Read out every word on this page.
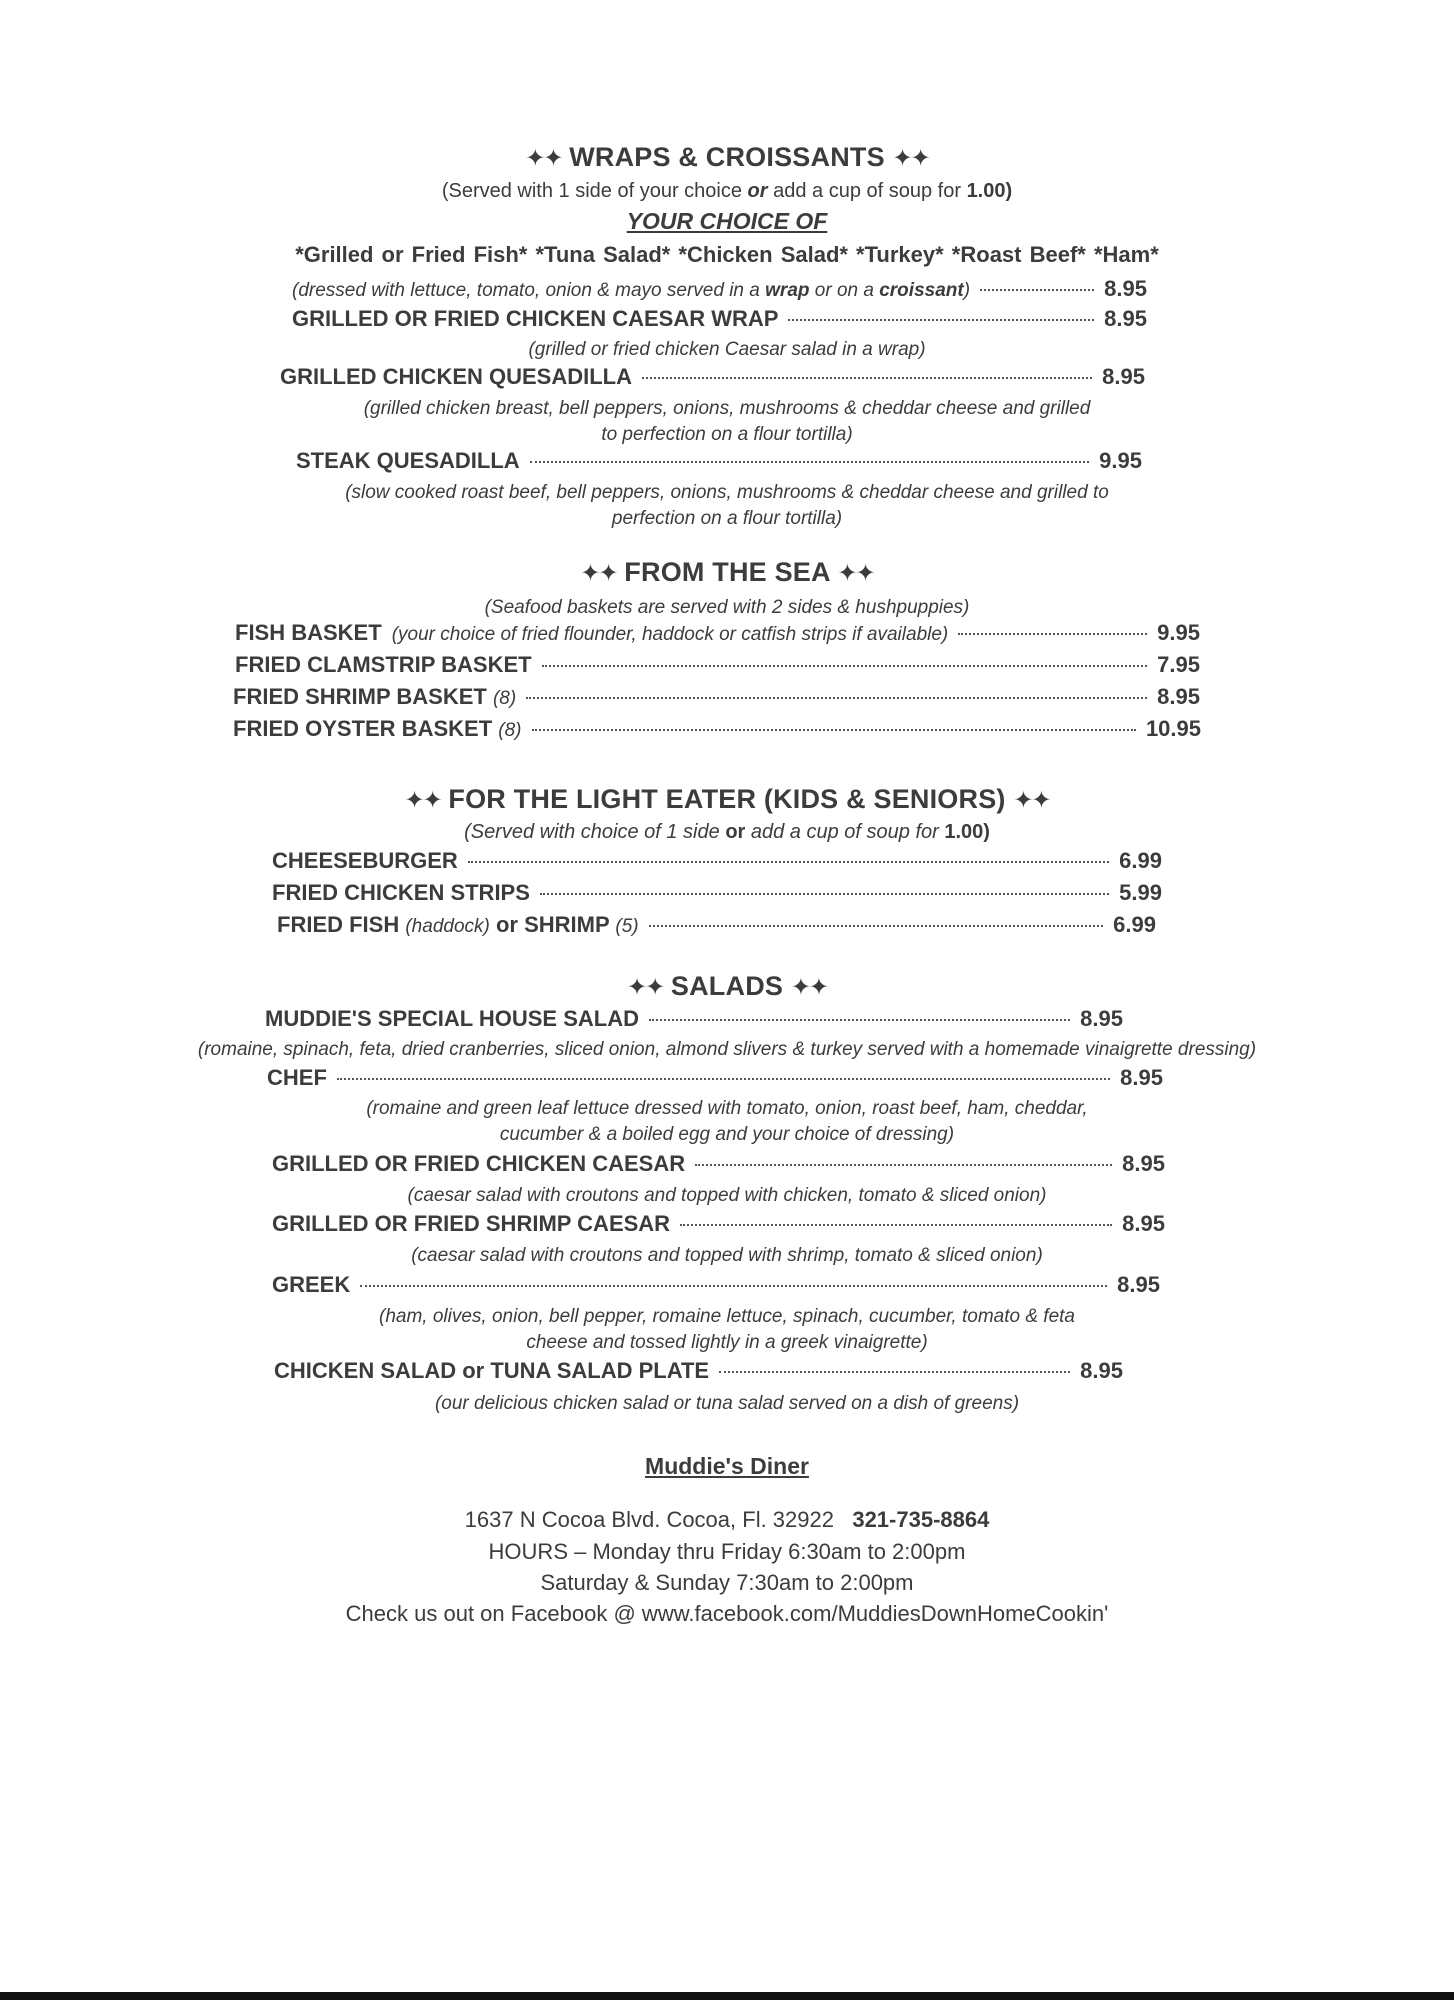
✦✦ WRAPS & CROISSANTS ✦✦
(Served with 1 side of your choice or add a cup of soup for 1.00)
YOUR CHOICE OF
*Grilled or Fried Fish* *Tuna Salad* *Chicken Salad* *Turkey* *Roast Beef* *Ham*
(dressed with lettuce, tomato, onion & mayo served in a wrap or on a croissant)	8.95
GRILLED OR FRIED CHICKEN CAESAR WRAP	8.95
(grilled or fried chicken Caesar salad in a wrap)
GRILLED CHICKEN QUESADILLA	8.95
(grilled chicken breast, bell peppers, onions, mushrooms & cheddar cheese and grilled
to perfection on a flour tortilla)
STEAK QUESADILLA	9.95
(slow cooked roast beef, bell peppers, onions, mushrooms & cheddar cheese and grilled to
perfection on a flour tortilla)
✦✦ FROM THE SEA ✦✦
(Seafood baskets are served with 2 sides & hushpuppies)
FISH BASKET (your choice of fried flounder, haddock or catfish strips if available)	9.95
FRIED CLAMSTRIP BASKET	7.95
FRIED SHRIMP BASKET (8)	8.95
FRIED OYSTER BASKET (8)	10.95
✦✦ FOR THE LIGHT EATER (KIDS & SENIORS) ✦✦
(Served with choice of 1 side or add a cup of soup for 1.00)
CHEESEBURGER	6.99
FRIED CHICKEN STRIPS	5.99
FRIED FISH (haddock) or SHRIMP (5)	6.99
✦✦ SALADS ✦✦
MUDDIE'S SPECIAL HOUSE SALAD	8.95
(romaine, spinach, feta, dried cranberries, sliced onion, almond slivers & turkey served with a homemade vinaigrette dressing)
CHEF	8.95
(romaine and green leaf lettuce dressed with tomato, onion, roast beef, ham, cheddar,
cucumber & a boiled egg and your choice of dressing)
GRILLED OR FRIED CHICKEN CAESAR	8.95
(caesar salad with croutons and topped with chicken, tomato & sliced onion)
GRILLED OR FRIED SHRIMP CAESAR	8.95
(caesar salad with croutons and topped with shrimp, tomato & sliced onion)
GREEK	8.95
(ham, olives, onion, bell pepper, romaine lettuce, spinach, cucumber, tomato & feta
cheese and tossed lightly in a greek vinaigrette)
CHICKEN SALAD or TUNA SALAD PLATE	8.95
(our delicious chicken salad or tuna salad served on a dish of greens)
Muddie's Diner
1637 N Cocoa Blvd. Cocoa, Fl. 32922 321-735-8864
HOURS – Monday thru Friday 6:30am to 2:00pm
Saturday & Sunday 7:30am to 2:00pm
Check us out on Facebook @ www.facebook.com/MuddiesDownHomeCookin'
